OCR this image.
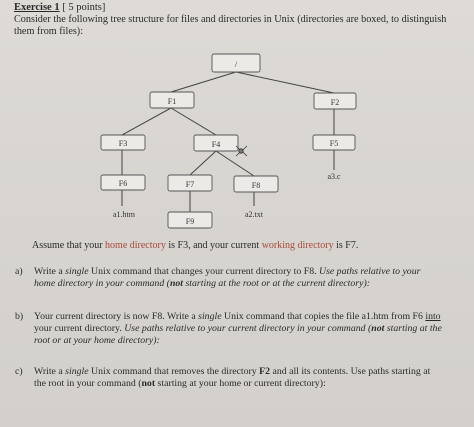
Exercise 1 [ 5 points]
Consider the following tree structure for files and directories in Unix (directories are boxed, to distinguish them from files):
/
F1	F2
F3	F4	F5
F6	F7	F8
F9
a1.htm	a2.txt
a3.c
Assume that your home directory is F3, and your current working directory is F7.
a) Write a single Unix command that changes your current directory to F8. Use paths relative to your home directory in your command (not starting at the root or at the current directory):
b) Your current directory is now F8. Write a single Unix command that copies the file a1.htm from F6 into your current directory. Use paths relative to your current directory in your command (not starting at the root or at your home directory):
c) Write a single Unix command that removes the directory F2 and all its contents. Use paths starting at the root in your command (not starting at your home or current directory):
